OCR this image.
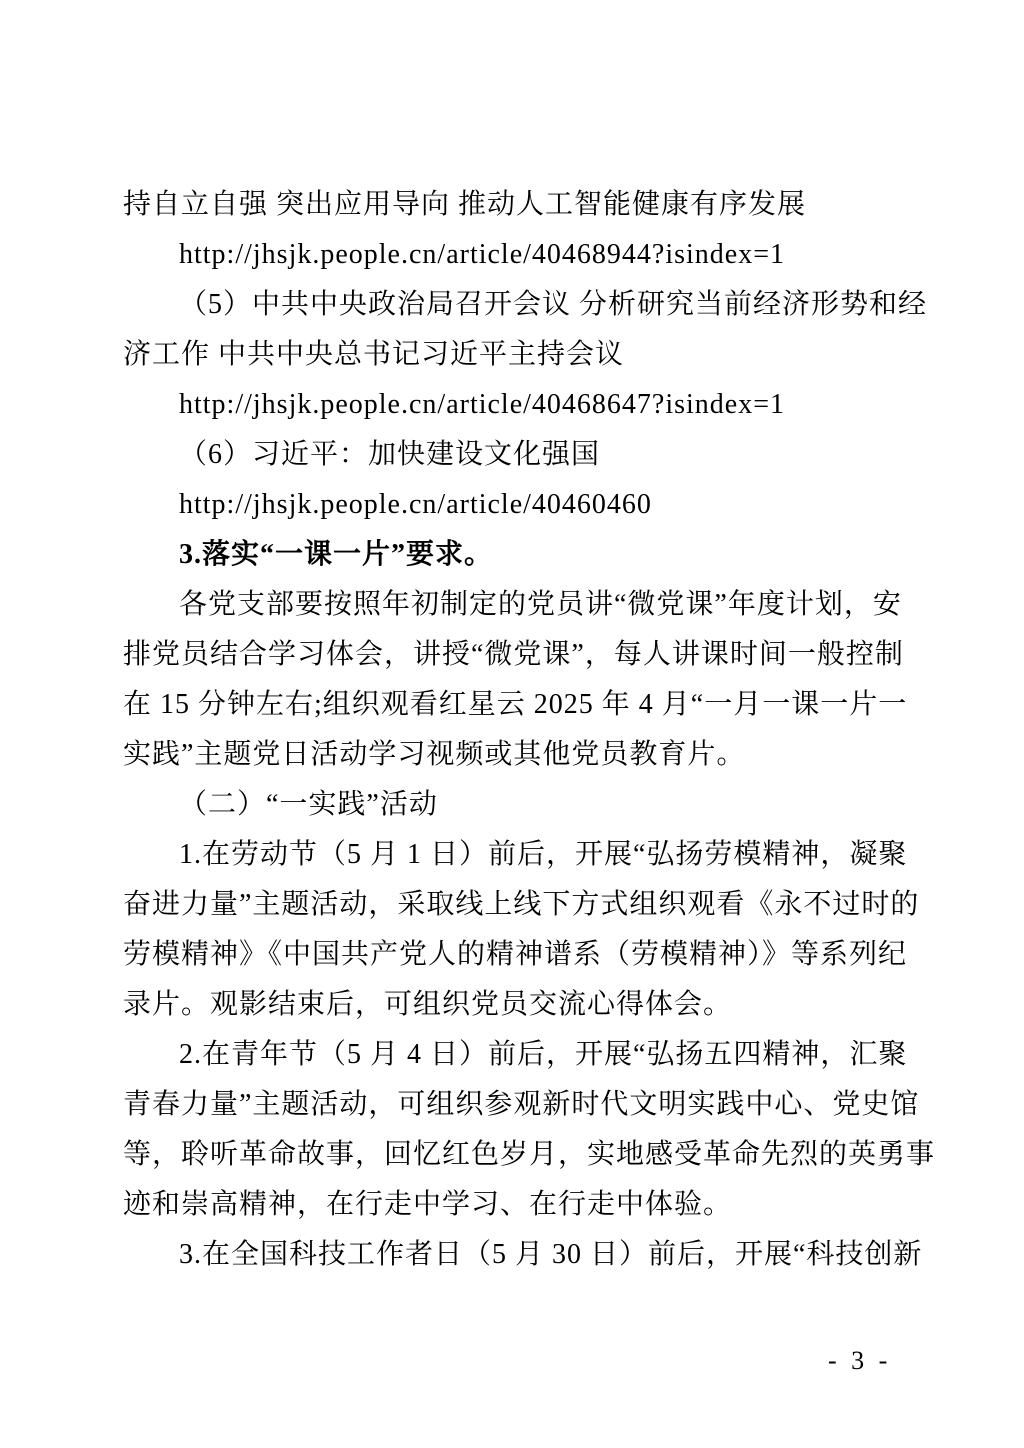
持自立自强 突出应用导向 推动人工智能健康有序发展
http://jhsjk.people.cn/article/40468944?isindex=1
（5）中共中央政治局召开会议 分析研究当前经济形势和经
济工作 中共中央总书记习近平主持会议
http://jhsjk.people.cn/article/40468647?isindex=1
（6）习近平：加快建设文化强国
http://jhsjk.people.cn/article/40460460
3.落实“一课一片”要求。
各党支部要按照年初制定的党员讲“微党课”年度计划，安
排党员结合学习体会，讲授“微党课”，每人讲课时间一般控制
在 15 分钟左右;组织观看红星云 2025 年 4 月“一月一课一片一
实践”主题党日活动学习视频或其他党员教育片。
（二）“一实践”活动
1.在劳动节（5 月 1 日）前后，开展“弘扬劳模精神，凝聚
奋进力量”主题活动，采取线上线下方式组织观看《永不过时的
劳模精神》《中国共产党人的精神谱系（劳模精神）》等系列纪
录片。观影结束后，可组织党员交流心得体会。
2.在青年节（5 月 4 日）前后，开展“弘扬五四精神，汇聚
青春力量”主题活动，可组织参观新时代文明实践中心、党史馆
等，聆听革命故事，回忆红色岁月，实地感受革命先烈的英勇事
迹和崇高精神，在行走中学习、在行走中体验。
3.在全国科技工作者日（5 月 30 日）前后，开展“科技创新
- 3 -
